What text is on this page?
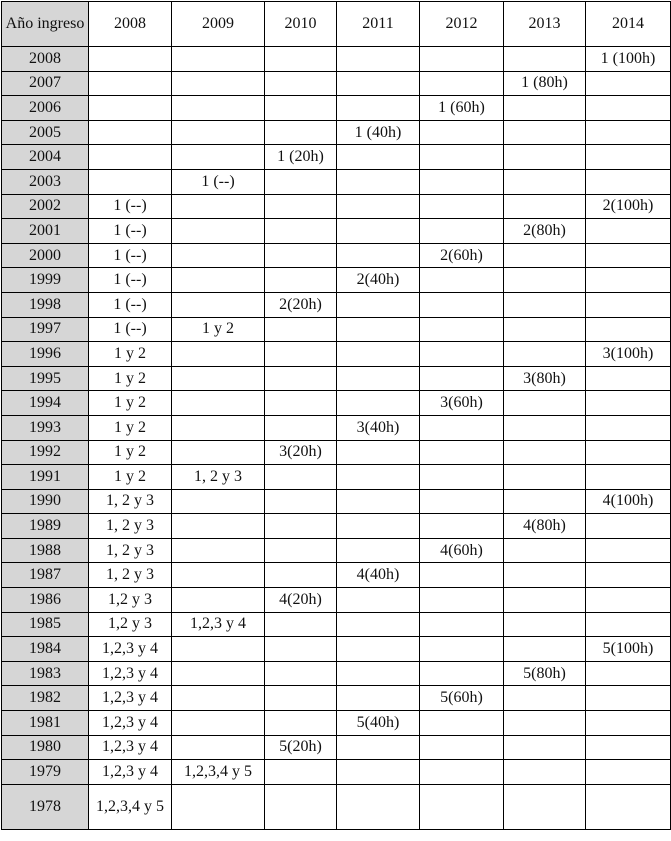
Año ingreso	2008	2009	2010	2011	2012	2013	2014
2008							1 (100h)
2007						1 (80h)	
2006					1 (60h)		
2005				1 (40h)			
2004			1 (20h)				
2003		1 (--)					
2002	1 (--)						2(100h)
2001	1 (--)					2(80h)	
2000	1 (--)				2(60h)		
1999	1 (--)			2(40h)			
1998	1 (--)		2(20h)				
1997	1 (--)	1 y 2					
1996	1 y 2						3(100h)
1995	1 y 2					3(80h)	
1994	1 y 2				3(60h)		
1993	1 y 2			3(40h)			
1992	1 y 2		3(20h)				
1991	1 y 2	1, 2 y 3					
1990	1, 2 y 3						4(100h)
1989	1, 2 y 3					4(80h)	
1988	1, 2 y 3				4(60h)		
1987	1, 2 y 3			4(40h)			
1986	1,2 y 3		4(20h)				
1985	1,2 y 3	1,2,3 y 4					
1984	1,2,3 y 4						5(100h)
1983	1,2,3 y 4					5(80h)	
1982	1,2,3 y 4				5(60h)		
1981	1,2,3 y 4			5(40h)			
1980	1,2,3 y 4		5(20h)				
1979	1,2,3 y 4	1,2,3,4 y 5					
1978	1,2,3,4 y 5						
